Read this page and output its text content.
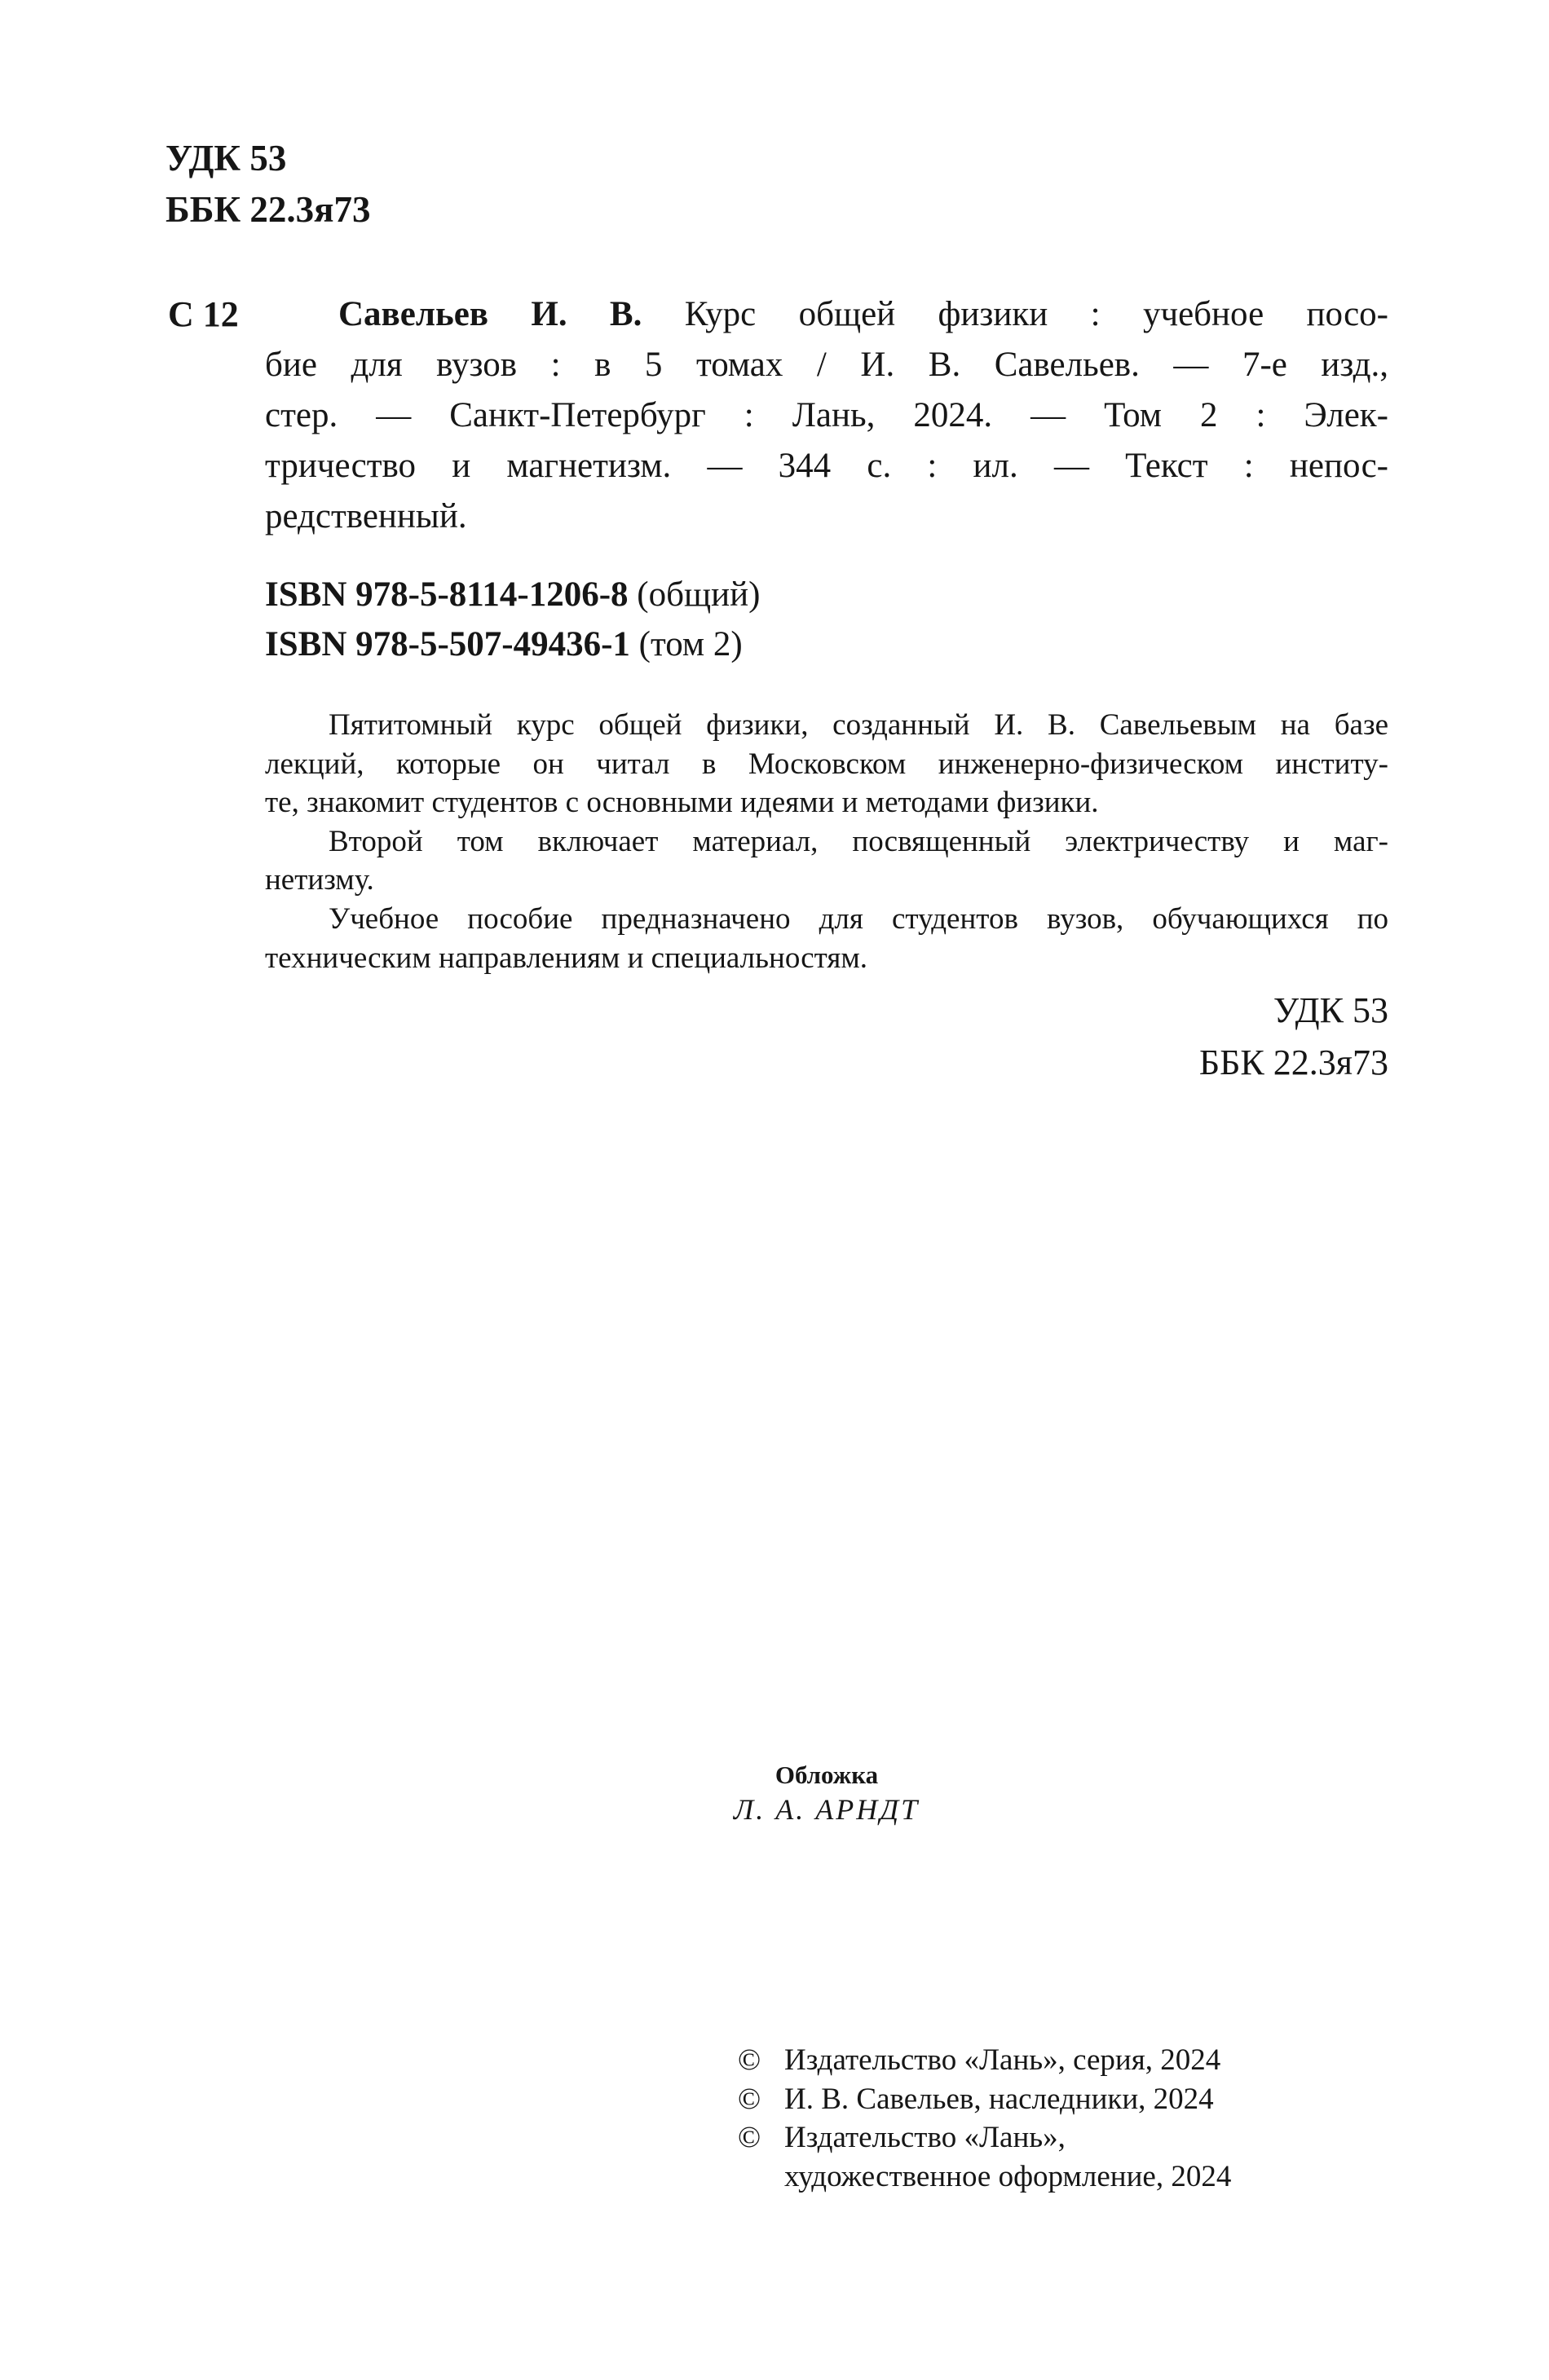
УДК 53
ББК 22.3я73
С 12	Савельев И. В. Курс общей физики : учебное посо-
бие для вузов : в 5 томах / И. В. Савельев. — 7-е изд.,
стер. — Санкт-Петербург : Лань, 2024. — Том 2 : Элек-
тричество и магнетизм. — 344 с. : ил. — Текст : непос-
редственный.
ISBN 978-5-8114-1206-8 (общий)
ISBN 978-5-507-49436-1 (том 2)
Пятитомный курс общей физики, созданный И. В. Савельевым на базе
лекций, которые он читал в Московском инженерно-физическом институ-
те, знакомит студентов с основными идеями и методами физики.
Второй том включает материал, посвященный электричеству и маг-
нетизму.
Учебное пособие предназначено для студентов вузов, обучающихся по
техническим направлениям и специальностям.
УДК 53
ББК 22.3я73
Обложка
Л. А. АРНДТ
© Издательство «Лань», серия, 2024
© И. В. Савельев, наследники, 2024
© Издательство «Лань»,
художественное оформление, 2024
